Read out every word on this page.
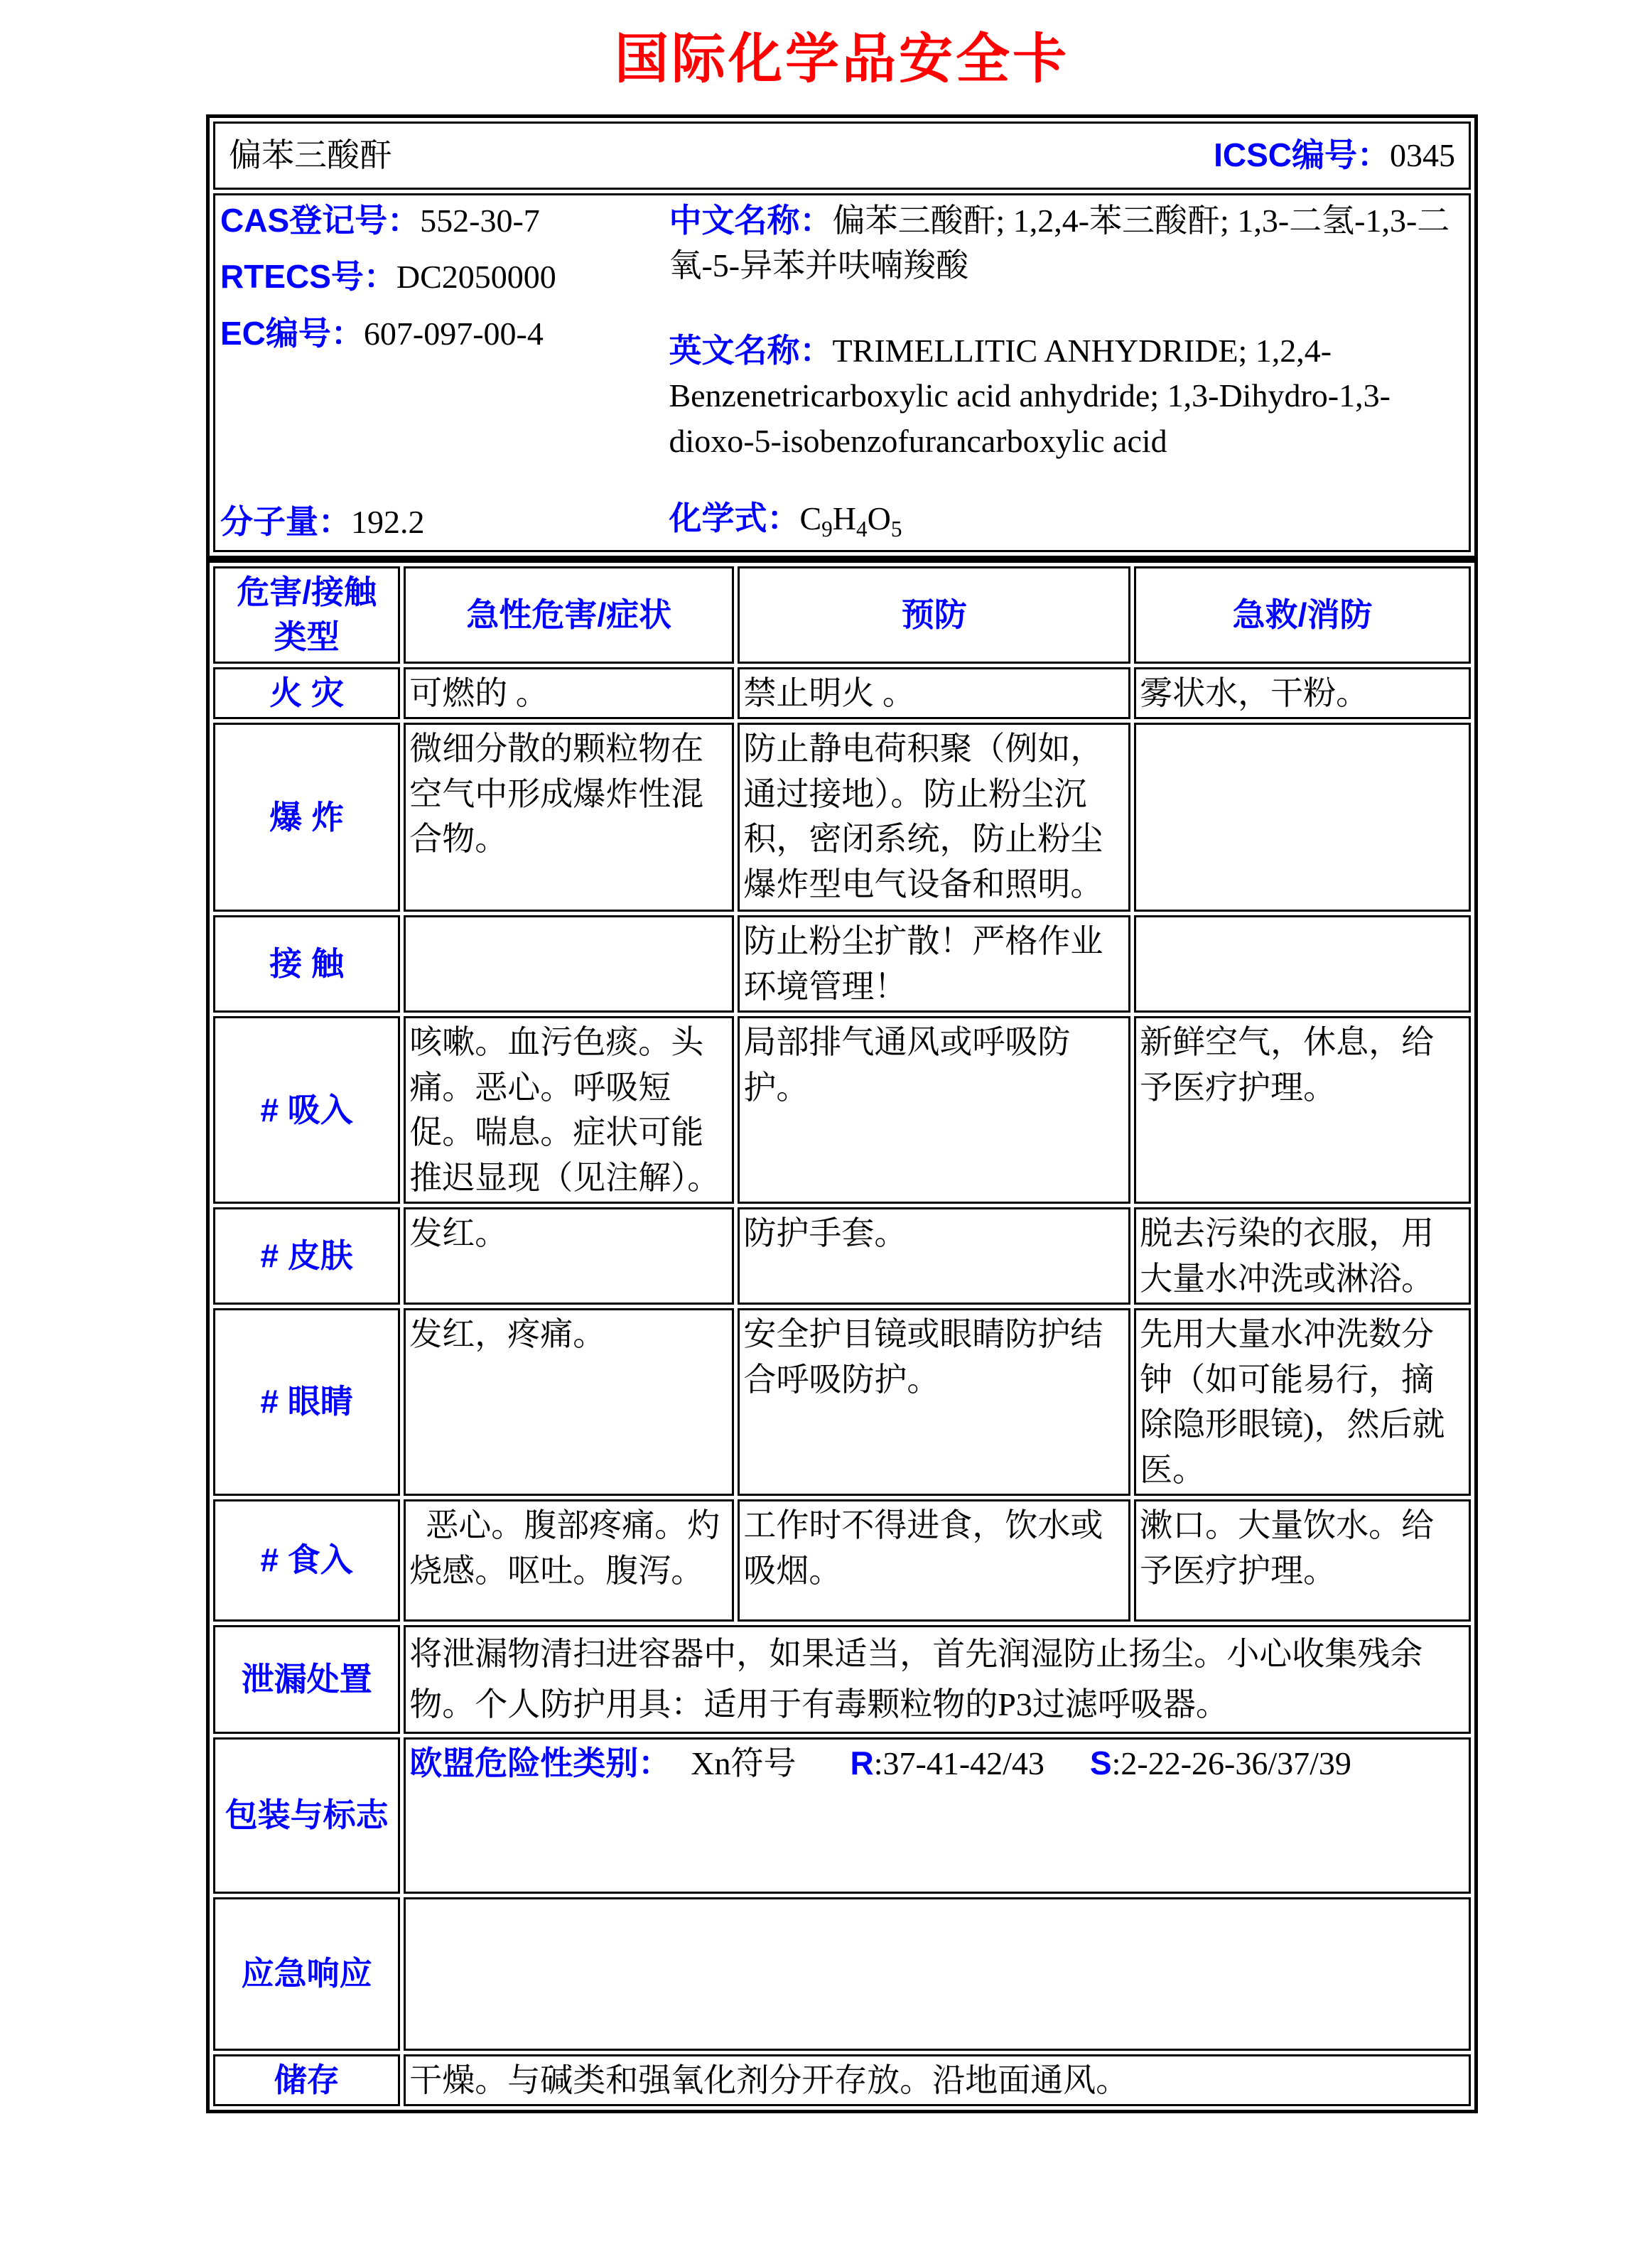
国际化学品安全卡
偏苯三酸酐	ICSC编号：0345

CAS登记号：552-30-7
RTECS号：DC2050000
EC编号：607-097-00-4
分子量：192.2
中文名称：偏苯三酸酐; 1,2,4-苯三酸酐; 1,3-二氢-1,3-二氧-5-异苯并呋喃羧酸
英文名称：TRIMELLITIC ANHYDRIDE; 1,2,4-Benzenetricarboxylic acid anhydride; 1,3-Dihydro-1,3-dioxo-5-isobenzofurancarboxylic acid
化学式：$C_9H_4O_5$
危害/接触
类型	急性危害/症状	预防	急救/消防
火 灾	可燃的 。	禁止明火 。	雾状水，干粉。
爆 炸	微细分散的颗粒物在空气中形成爆炸性混合物。	防止静电荷积聚（例如，通过接地）。防止粉尘沉积，密闭系统，防止粉尘爆炸型电气设备和照明。	
接 触		防止粉尘扩散！严格作业环境管理！	
# 吸入	咳嗽。血污色痰。头痛。恶心。呼吸短促。喘息。症状可能推迟显现（见注解）。	局部排气通风或呼吸防护。	新鲜空气，休息，给予医疗护理。
# 皮肤	发红。	防护手套。	脱去污染的衣服，用大量水冲洗或淋浴。
# 眼睛	发红，疼痛。	安全护目镜或眼睛防护结合呼吸防护。	先用大量水冲洗数分钟（如可能易行，摘除隐形眼镜)，然后就医。
# 食入	 恶心。腹部疼痛。灼烧感。呕吐。腹泻。	工作时不得进食，饮水或吸烟。	漱口。大量饮水。给予医疗护理。
泄漏处置	将泄漏物清扫进容器中，如果适当，首先润湿防止扬尘。小心收集残余物。个人防护用具：适用于有毒颗粒物的P3过滤呼吸器。		

包装与标志	欧盟危险性类别： Xn符号 R:37-41-42/43 S:2-22-26-36/37/39		
应急响应			
储存	干燥。与碱类和强氧化剂分开存放。沿地面通风。		
